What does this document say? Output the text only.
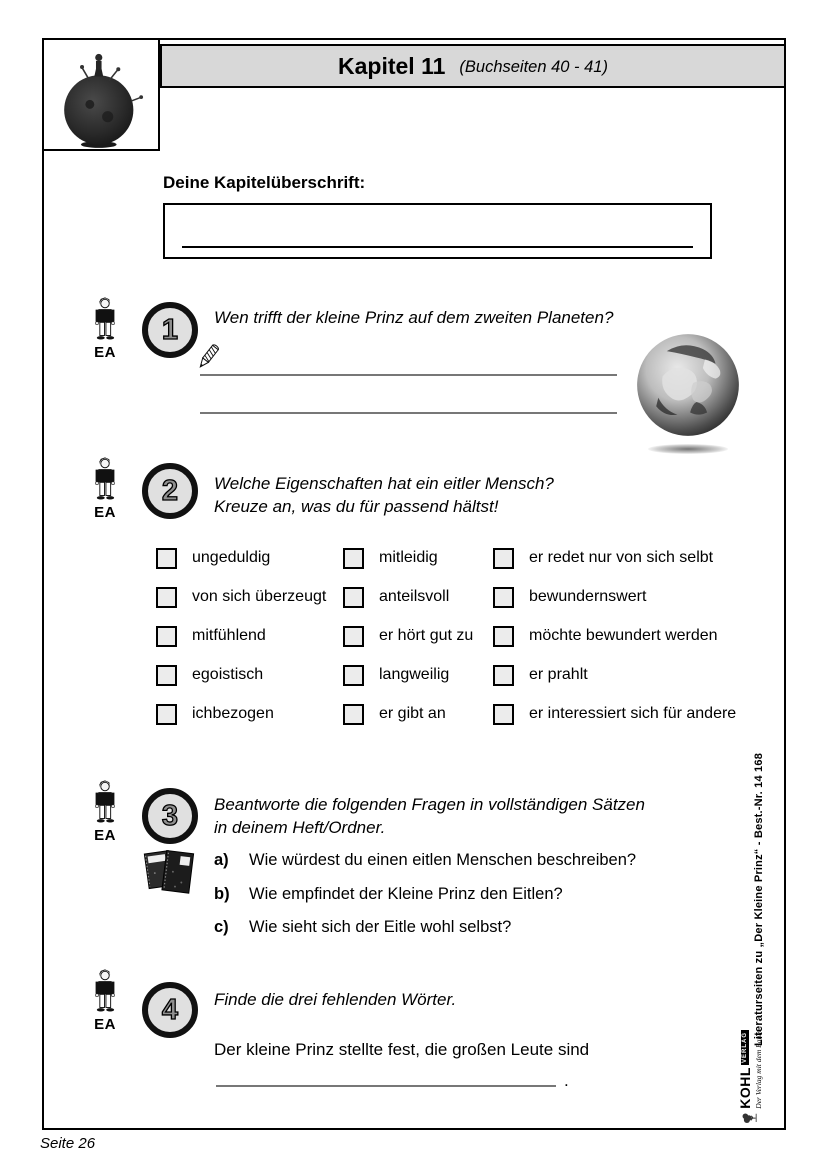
Kapitel 11 (Buchseiten 40 - 41)
Deine Kapitelüberschrift:
EA
1 Wen trifft der kleine Prinz auf dem zweiten Planeten?
EA
2 Welche Eigenschaften hat ein eitler Mensch?
Kreuze an, was du für passend hältst!
ungeduldig	mitleidig	er redet nur von sich selbt
von sich überzeugt	anteilsvoll	bewundernswert
mitfühlend	er hört gut zu	möchte bewundert werden
egoistisch	langweilig	er prahlt
ichbezogen	er gibt an	er interessiert sich für andere
EA
3 Beantworte die folgenden Fragen in vollständigen Sätzen
in deinem Heft/Ordner.
a) Wie würdest du einen eitlen Menschen beschreiben?
b) Wie empfindet der Kleine Prinz den Eitlen?
c) Wie sieht sich der Eitle wohl selbst?
EA	4 Finde die drei fehlenden Wörter.
Der kleine Prinz stellte fest, die großen Leute sind
.
Literaturseiten zu „Der Kleine Prinz“ - Best.-Nr. 14 168
KOHL
VERLAG Der Verlag mit dem Baum
Seite 26
